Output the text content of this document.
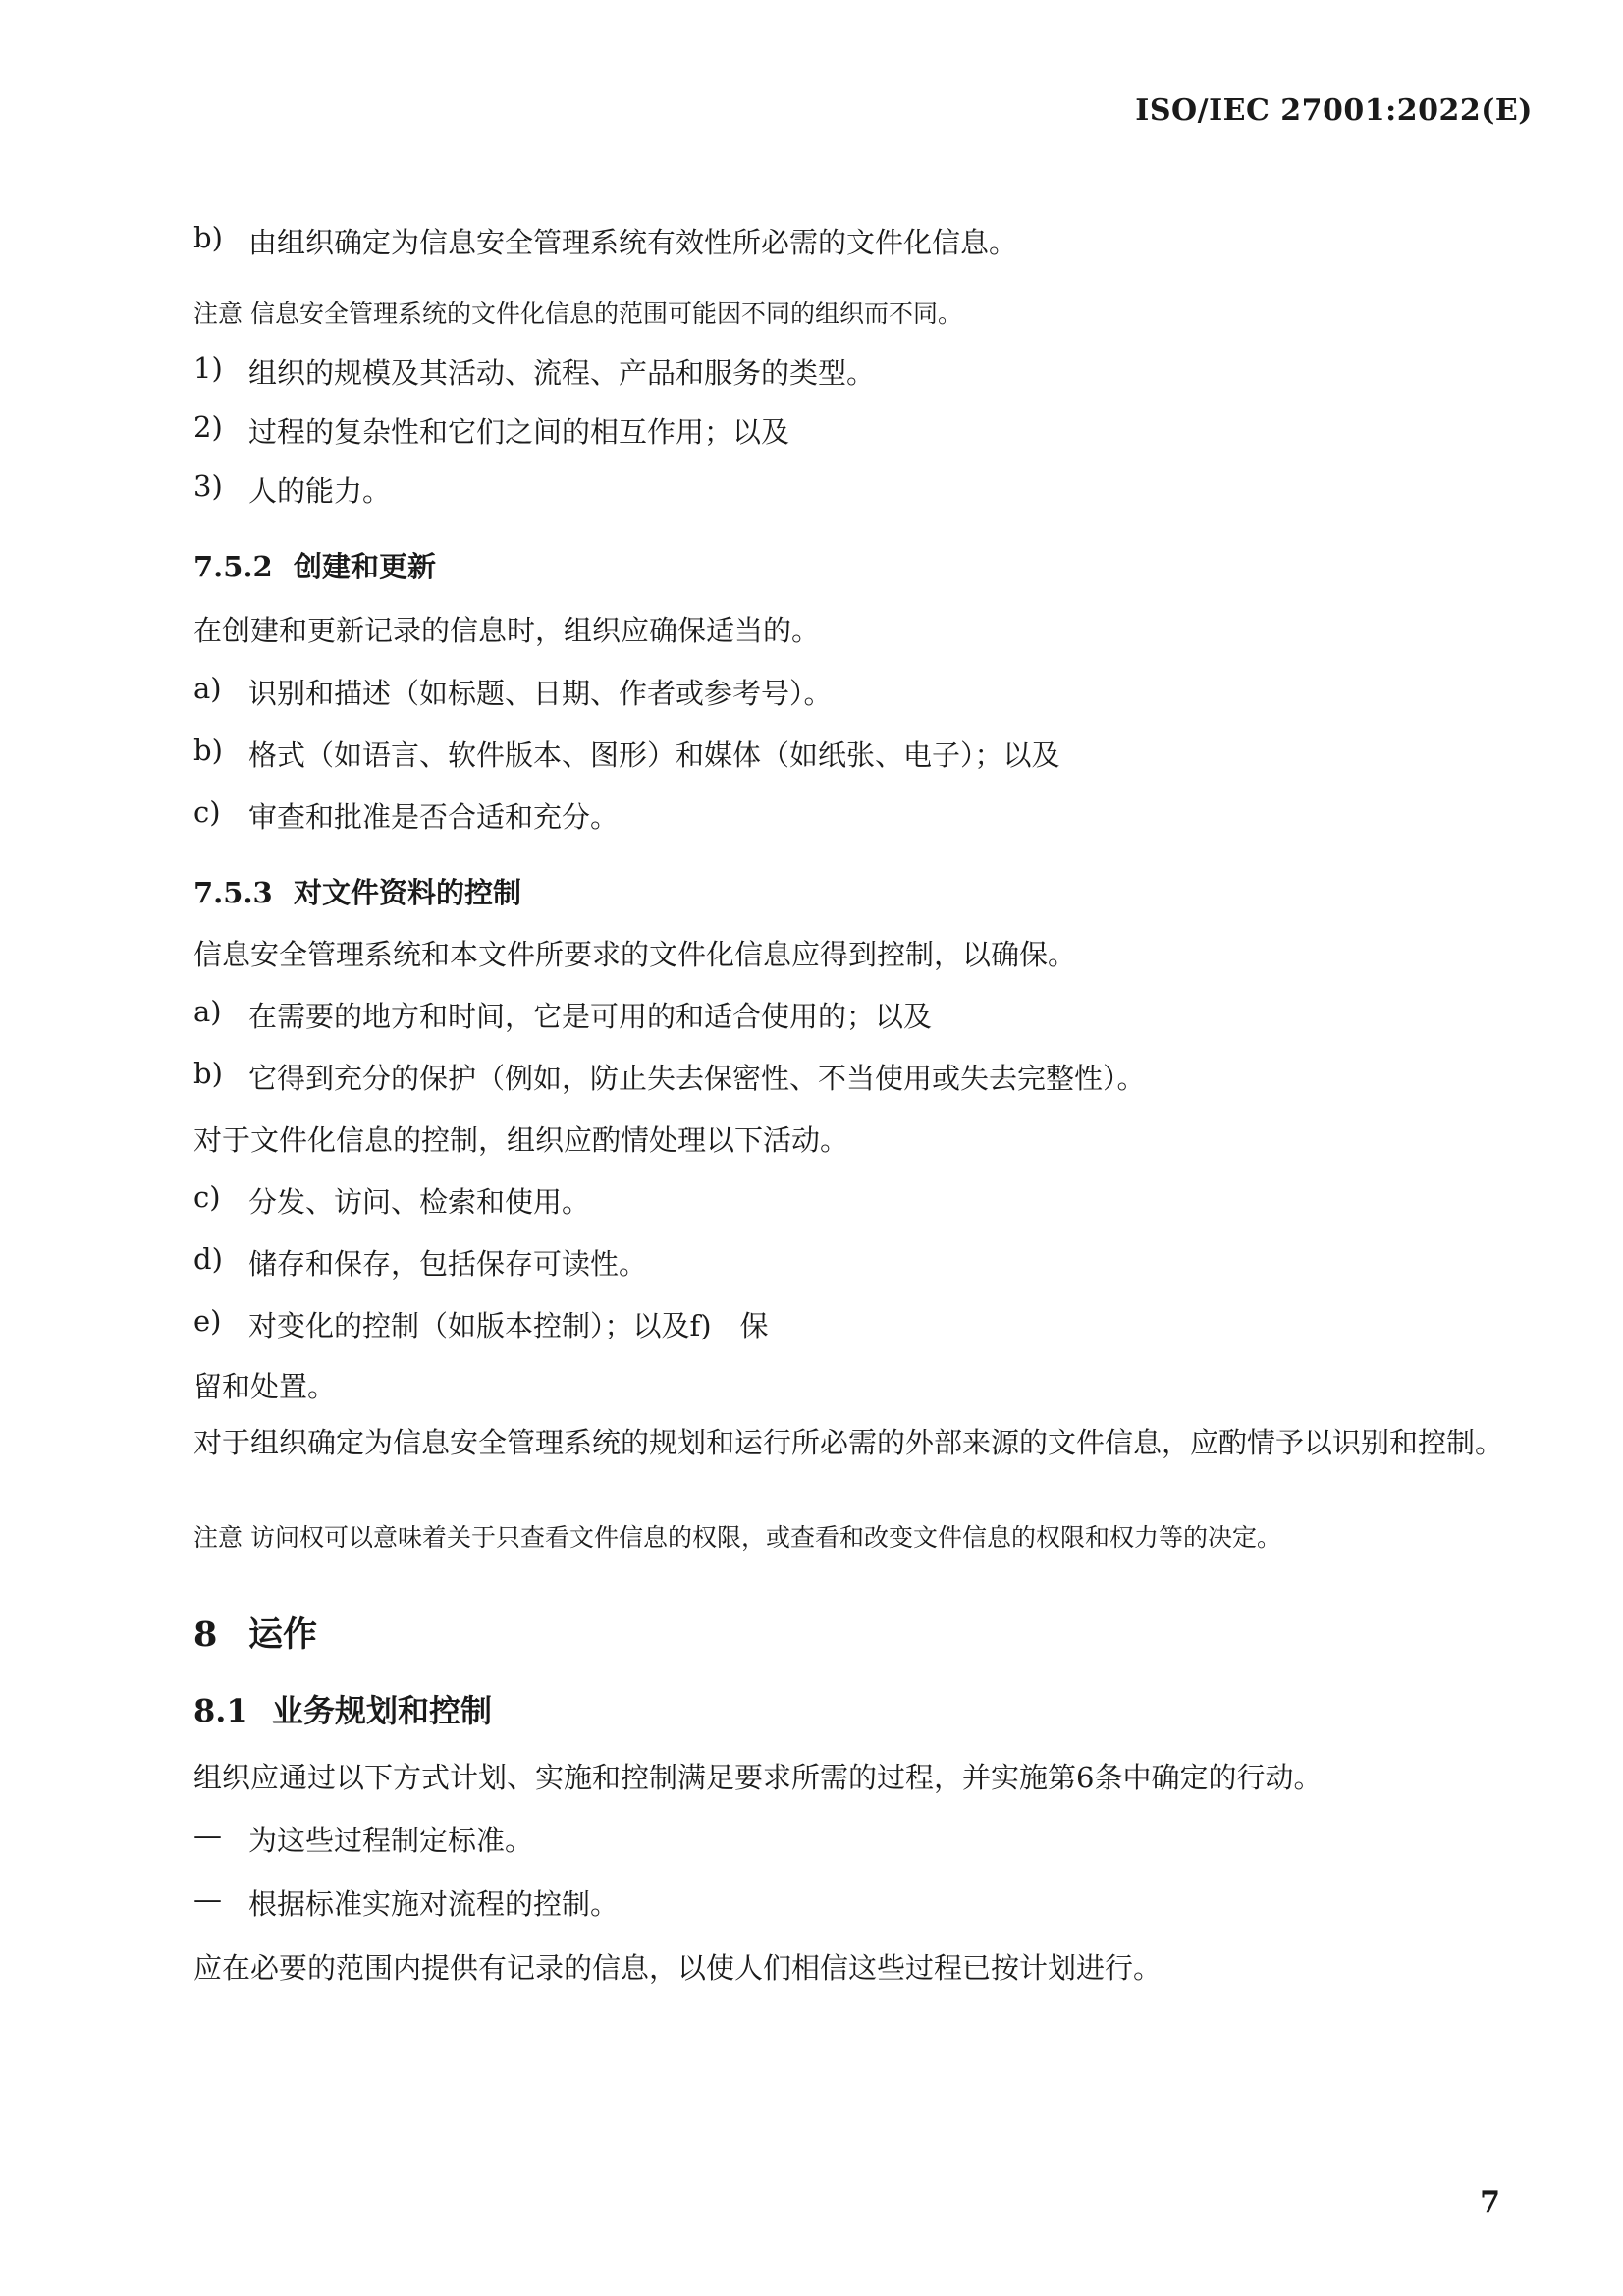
ISO/IEC 27001:2022(E)
b) 由组织确定为信息安全管理系统有效性所必需的文件化信息。
注意 信息安全管理系统的文件化信息的范围可能因不同的组织而不同。
1) 组织的规模及其活动、流程、产品和服务的类型。
2) 过程的复杂性和它们之间的相互作用；以及
3) 人的能力。
7.5.2 创建和更新
在创建和更新记录的信息时，组织应确保适当的。
a) 识别和描述（如标题、日期、作者或参考号）。
b) 格式（如语言、软件版本、图形）和媒体（如纸张、电子）；以及
c) 审查和批准是否合适和充分。
7.5.3 对文件资料的控制
信息安全管理系统和本文件所要求的文件化信息应得到控制，以确保。
a) 在需要的地方和时间，它是可用的和适合使用的；以及
b) 它得到充分的保护（例如，防止失去保密性、不当使用或失去完整性）。
对于文件化信息的控制，组织应酌情处理以下活动。
c) 分发、访问、检索和使用。
d) 储存和保存，包括保存可读性。
e) 对变化的控制（如版本控制）；以及f)　保
留和处置。
对于组织确定为信息安全管理系统的规划和运行所必需的外部来源的文件信息，应酌情予以识别和控制。
注意 访问权可以意味着关于只查看文件信息的权限，或查看和改变文件信息的权限和权力等的决定。
8 运作
8.1 业务规划和控制
组织应通过以下方式计划、实施和控制满足要求所需的过程，并实施第6条中确定的行动。
— 为这些过程制定标准。
— 根据标准实施对流程的控制。
应在必要的范围内提供有记录的信息，以使人们相信这些过程已按计划进行。
7
